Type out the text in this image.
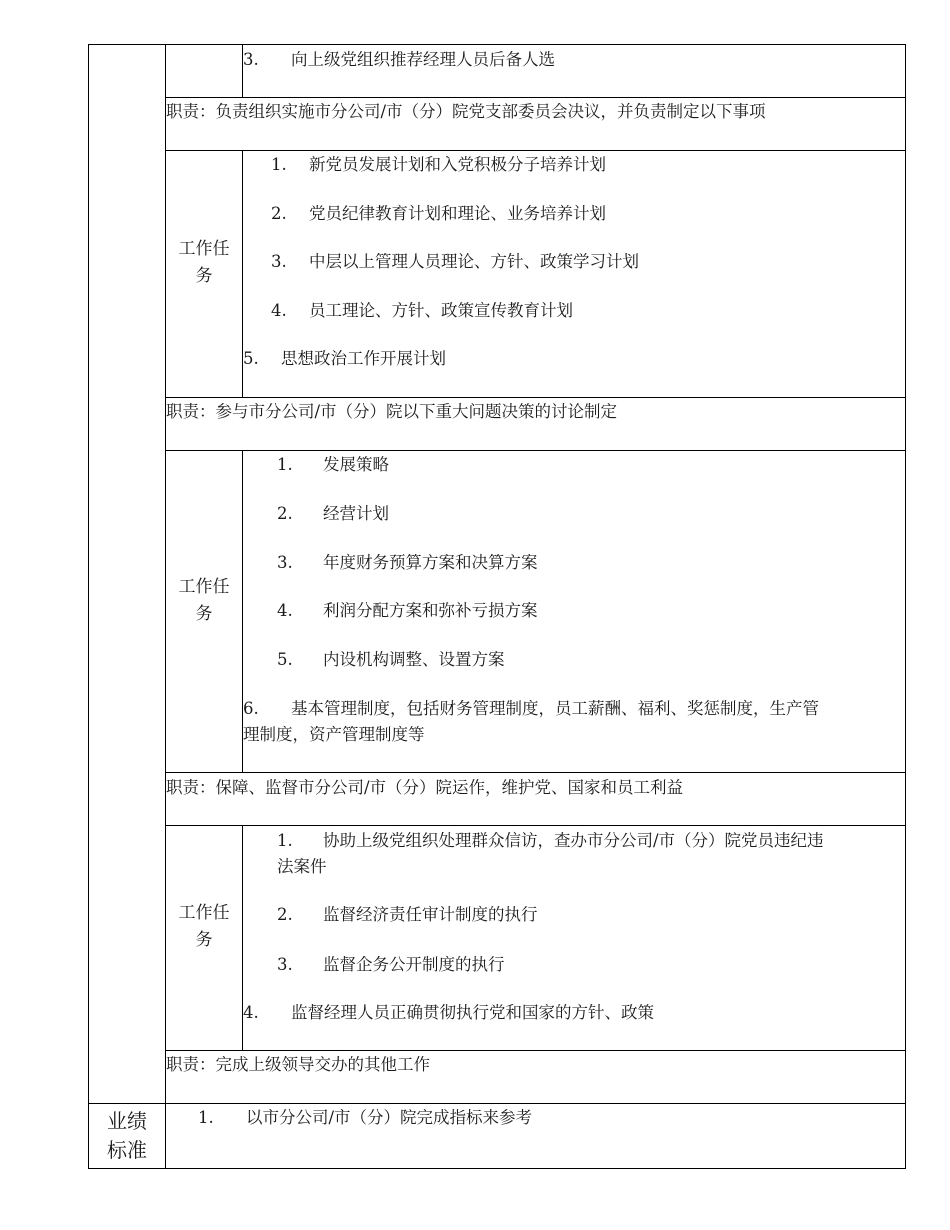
3. 向上级党组织推荐经理人员后备人选
职责：负责组织实施市分公司/市（分）院党支部委员会决议，并负责制定以下事项
工作任
务
1. 新党员发展计划和入党积极分子培养计划
2. 党员纪律教育计划和理论、业务培养计划
3. 中层以上管理人员理论、方针、政策学习计划
4. 员工理论、方针、政策宣传教育计划
5. 思想政治工作开展计划
职责：参与市分公司/市（分）院以下重大问题决策的讨论制定
工作任
务
1. 发展策略
2. 经营计划
3. 年度财务预算方案和决算方案
4. 利润分配方案和弥补亏损方案
5. 内设机构调整、设置方案
6. 基本管理制度，包括财务管理制度，员工薪酬、福利、奖惩制度，生产管
理制度，资产管理制度等
职责：保障、监督市分公司/市（分）院运作，维护党、国家和员工利益
工作任
务
1. 协助上级党组织处理群众信访，查办市分公司/市（分）院党员违纪违
法案件
2. 监督经济责任审计制度的执行
3. 监督企务公开制度的执行
4. 监督经理人员正确贯彻执行党和国家的方针、政策
职责：完成上级领导交办的其他工作
业绩
标准
1. 以市分公司/市（分）院完成指标来参考
